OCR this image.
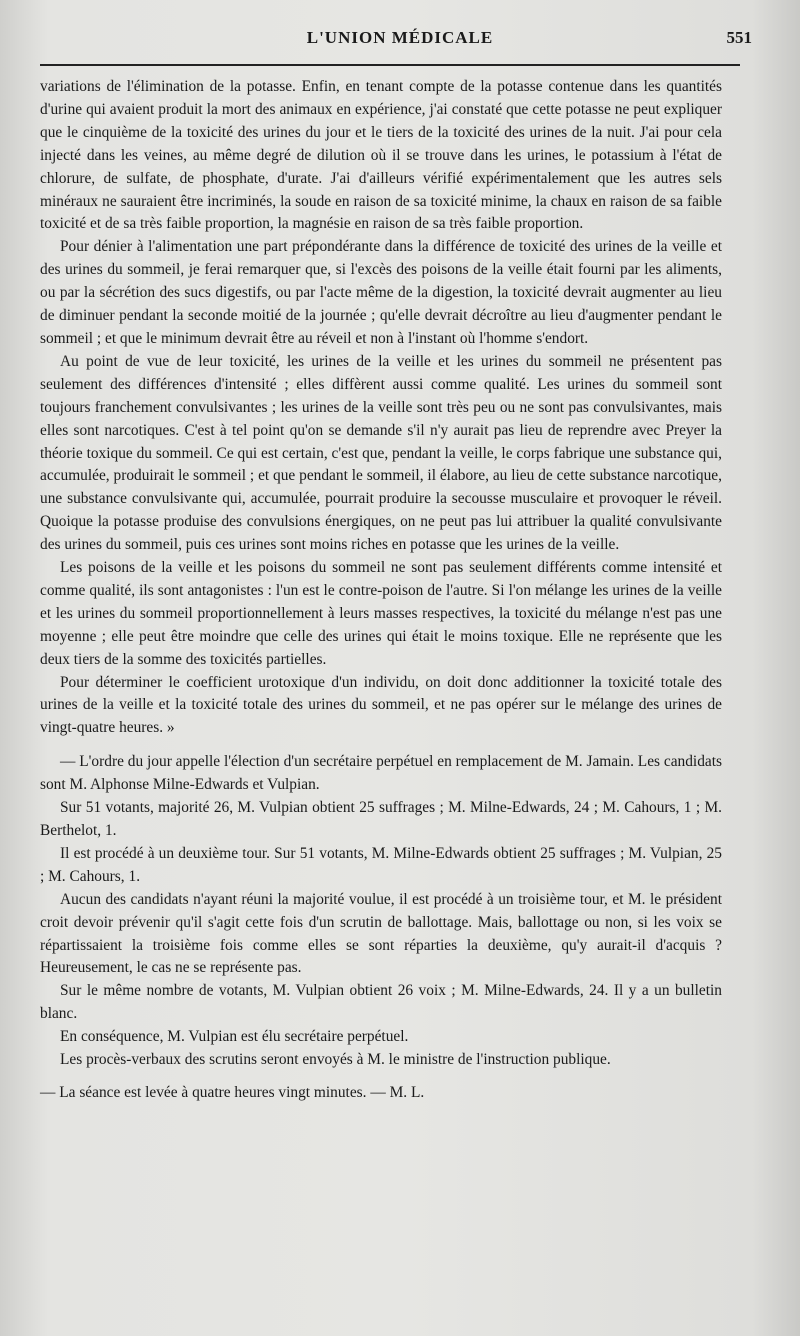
L'UNION MÉDICALE	551

variations de l'élimination de la potasse. Enfin, en tenant compte de la potasse contenue dans les quantités d'urine qui avaient produit la mort des animaux en expérience, j'ai constaté que cette potasse ne peut expliquer que le cinquième de la toxicité des urines du jour et le tiers de la toxicité des urines de la nuit. J'ai pour cela injecté dans les veines, au même degré de dilution où il se trouve dans les urines, le potassium à l'état de chlorure, de sulfate, de phosphate, d'urate. J'ai d'ailleurs vérifié expérimentalement que les autres sels minéraux ne sauraient être incriminés, la soude en raison de sa toxicité minime, la chaux en raison de sa faible toxicité et de sa très faible proportion, la magnésie en raison de sa très faible proportion.

Pour dénier à l'alimentation une part prépondérante dans la différence de toxicité des urines de la veille et des urines du sommeil, je ferai remarquer que, si l'excès des poisons de la veille était fourni par les aliments, ou par la sécrétion des sucs digestifs, ou par l'acte même de la digestion, la toxicité devrait augmenter au lieu de diminuer pendant la seconde moitié de la journée ; qu'elle devrait décroître au lieu d'augmenter pendant le sommeil ; et que le minimum devrait être au réveil et non à l'instant où l'homme s'endort.

Au point de vue de leur toxicité, les urines de la veille et les urines du sommeil ne présentent pas seulement des différences d'intensité ; elles diffèrent aussi comme qualité. Les urines du sommeil sont toujours franchement convulsivantes ; les urines de la veille sont très peu ou ne sont pas convulsivantes, mais elles sont narcotiques. C'est à tel point qu'on se demande s'il n'y aurait pas lieu de reprendre avec Preyer la théorie toxique du sommeil. Ce qui est certain, c'est que, pendant la veille, le corps fabrique une substance qui, accumulée, produirait le sommeil ; et que pendant le sommeil, il élabore, au lieu de cette substance narcotique, une substance convulsivante qui, accumulée, pourrait produire la secousse musculaire et provoquer le réveil. Quoique la potasse produise des convulsions énergiques, on ne peut pas lui attribuer la qualité convulsivante des urines du sommeil, puis ces urines sont moins riches en potasse que les urines de la veille.

Les poisons de la veille et les poisons du sommeil ne sont pas seulement différents comme intensité et comme qualité, ils sont antagonistes : l'un est le contre-poison de l'autre. Si l'on mélange les urines de la veille et les urines du sommeil proportionnellement à leurs masses respectives, la toxicité du mélange n'est pas une moyenne ; elle peut être moindre que celle des urines qui était le moins toxique. Elle ne représente que les deux tiers de la somme des toxicités partielles.

Pour déterminer le coefficient urotoxique d'un individu, on doit donc additionner la toxicité totale des urines de la veille et la toxicité totale des urines du sommeil, et ne pas opérer sur le mélange des urines de vingt-quatre heures. »

— L'ordre du jour appelle l'élection d'un secrétaire perpétuel en remplacement de M. Jamain. Les candidats sont M. Alphonse Milne-Edwards et Vulpian.

Sur 51 votants, majorité 26, M. Vulpian obtient 25 suffrages ; M. Milne-Edwards, 24 ; M. Cahours, 1 ; M. Berthelot, 1.

Il est procédé à un deuxième tour. Sur 51 votants, M. Milne-Edwards obtient 25 suffrages ; M. Vulpian, 25 ; M. Cahours, 1.

Aucun des candidats n'ayant réuni la majorité voulue, il est procédé à un troisième tour, et M. le président croit devoir prévenir qu'il s'agit cette fois d'un scrutin de ballottage. Mais, ballottage ou non, si les voix se répartissaient la troisième fois comme elles se sont réparties la deuxième, qu'y aurait-il d'acquis ? Heureusement, le cas ne se représente pas.

Sur le même nombre de votants, M. Vulpian obtient 26 voix ; M. Milne-Edwards, 24. Il y a un bulletin blanc.

En conséquence, M. Vulpian est élu secrétaire perpétuel.

Les procès-verbaux des scrutins seront envoyés à M. le ministre de l'instruction publique.

— La séance est levée à quatre heures vingt minutes. — M. L.
